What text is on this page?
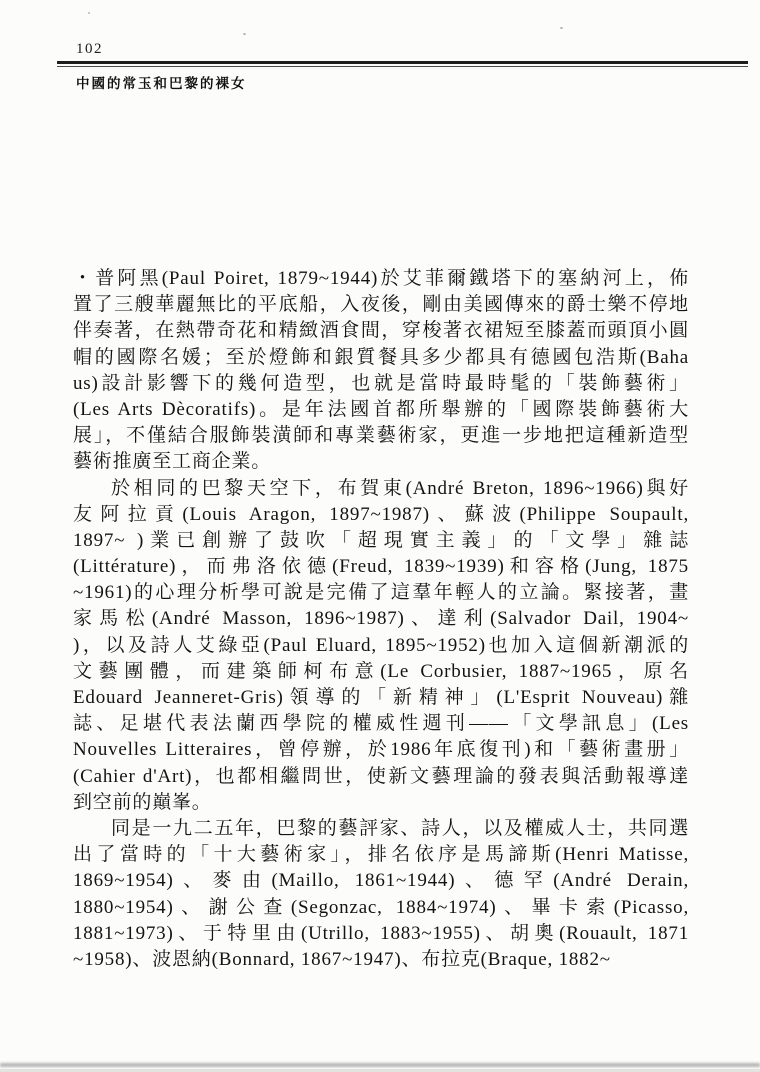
102
中國的常玉和巴黎的裸女
・普阿黑(Paul Poiret, 1879~1944)於艾菲爾鐵塔下的塞納河上，佈
置了三艘華麗無比的平底船，入夜後，剛由美國傳來的爵士樂不停地
伴奏著，在熱帶奇花和精緻酒食間，穿梭著衣裙短至膝蓋而頭頂小圓
帽的國際名媛；至於燈飾和銀質餐具多少都具有德國包浩斯(Baha
us)設計影響下的幾何造型，也就是當時最時髦的「裝飾藝術」
(Les Arts Dècoratifs)。是年法國首都所舉辦的「國際裝飾藝術大
展」，不僅結合服飾裝潢師和專業藝術家，更進一步地把這種新造型
藝術推廣至工商企業。
於相同的巴黎天空下，布賀東(André Breton, 1896~1966)與好
友阿拉貢(Louis Aragon, 1897~1987)、蘇波(Philippe Soupault,
1897~ )業已創辦了鼓吹「超現實主義」的「文學」雜誌
(Littérature)，而弗洛依德(Freud, 1839~1939)和容格(Jung, 1875
~1961)的心理分析學可說是完備了這羣年輕人的立論。緊接著，畫
家馬松(André Masson, 1896~1987)、達利(Salvador Dail, 1904~
)，以及詩人艾綠亞(Paul Eluard, 1895~1952)也加入這個新潮派的
文藝團體，而建築師柯布意(Le Corbusier, 1887~1965，原名
Edouard Jeanneret-Gris)領導的「新精神」(L'Esprit Nouveau)雜
誌、足堪代表法蘭西學院的權威性週刊——「文學訊息」(Les
Nouvelles Litteraires，曾停辦，於1986年底復刊)和「藝術畫册」
(Cahier d'Art)，也都相繼問世，使新文藝理論的發表與活動報導達
到空前的巔峯。
同是一九二五年，巴黎的藝評家、詩人，以及權威人士，共同選
出了當時的「十大藝術家」，排名依序是馬諦斯(Henri Matisse,
1869~1954)、麥由(Maillo, 1861~1944)、德罕(André Derain,
1880~1954)、謝公查(Segonzac, 1884~1974)、畢卡索(Picasso,
1881~1973)、于特里由(Utrillo, 1883~1955)、胡奧(Rouault, 1871
~1958)、波恩納(Bonnard, 1867~1947)、布拉克(Braque, 1882~
